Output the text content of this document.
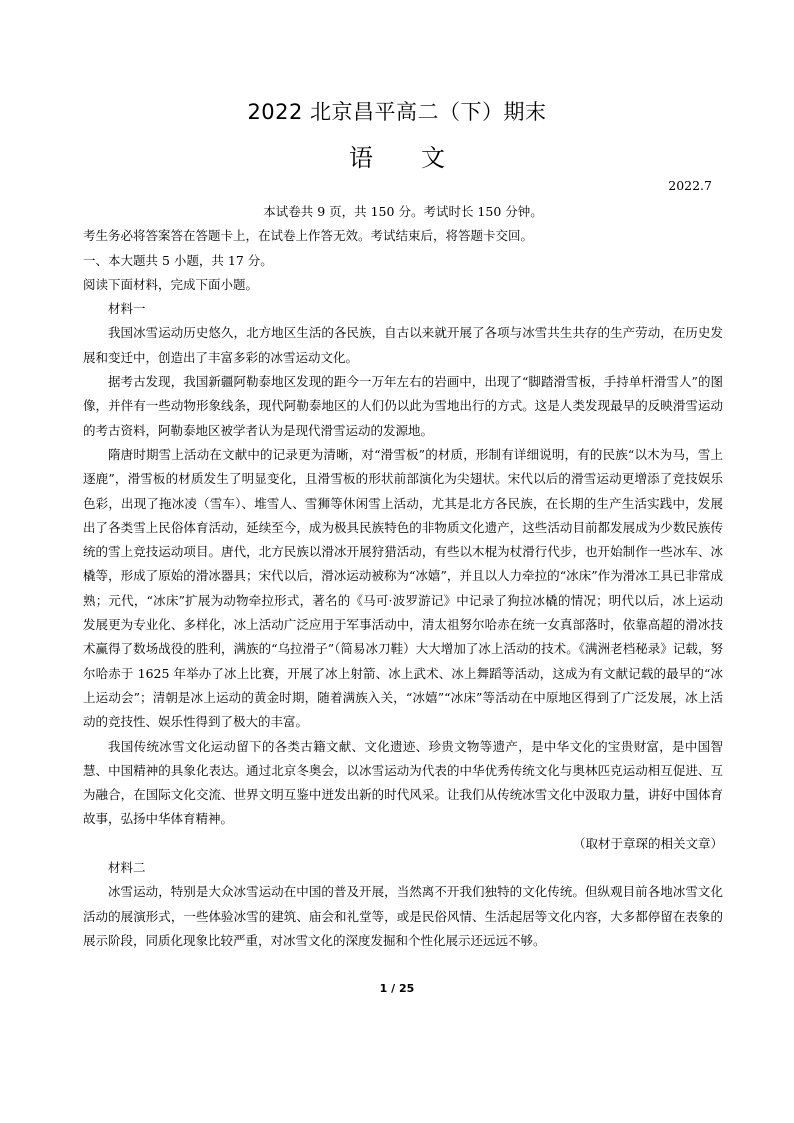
2022 北京昌平高二（下）期末
语　　文
2022.7

本试卷共 9 页，共 150 分。考试时长 150 分钟。

考生务必将答案答在答题卡上，在试卷上作答无效。考试结束后，将答题卡交回。

一、本大题共 5 小题，共 17 分。

阅读下面材料，完成下面小题。

材料一

我国冰雪运动历史悠久，北方地区生活的各民族，自古以来就开展了各项与冰雪共生共存的生产劳动，在历史发展和变迁中，创造出了丰富多彩的冰雪运动文化。

据考古发现，我国新疆阿勒泰地区发现的距今一万年左右的岩画中，出现了“脚踏滑雪板，手持单杆滑雪人”的图像，并伴有一些动物形象线条，现代阿勒泰地区的人们仍以此为雪地出行的方式。这是人类发现最早的反映滑雪运动的考古资料，阿勒泰地区被学者认为是现代滑雪运动的发源地。

隋唐时期雪上活动在文献中的记录更为清晰，对“滑雪板”的材质，形制有详细说明，有的民族“以木为马，雪上逐鹿”，滑雪板的材质发生了明显变化，且滑雪板的形状前部演化为尖翅状。宋代以后的滑雪运动更增添了竞技娱乐色彩，出现了拖冰凌（雪车）、堆雪人、雪狮等休闲雪上活动，尤其是北方各民族，在长期的生产生活实践中，发展出了各类雪上民俗体育活动，延续至今，成为极具民族特色的非物质文化遗产，这些活动目前都发展成为少数民族传统的雪上竞技运动项目。唐代，北方民族以滑冰开展狩猎活动，有些以木棍为杖滑行代步，也开始制作一些冰车、冰橇等，形成了原始的滑冰器具；宋代以后，滑冰运动被称为“冰嬉”，并且以人力牵拉的“冰床”作为滑冰工具已非常成熟；元代，“冰床”扩展为动物牵拉形式，著名的《马可·波罗游记》中记录了狗拉冰橇的情况；明代以后，冰上运动发展更为专业化、多样化，冰上活动广泛应用于军事活动中，清太祖努尔哈赤在统一女真部落时，依靠高超的滑冰技术赢得了数场战役的胜利，满族的“乌拉滑子”（简易冰刀鞋）大大增加了冰上活动的技术。《满洲老档秘录》记载，努尔哈赤于 1625 年举办了冰上比赛，开展了冰上射箭、冰上武术、冰上舞蹈等活动，这成为有文献记载的最早的“冰上运动会”；清朝是冰上运动的黄金时期，随着满族入关，“冰嬉”“冰床”等活动在中原地区得到了广泛发展，冰上活动的竞技性、娱乐性得到了极大的丰富。

我国传统冰雪文化运动留下的各类古籍文献、文化遗迹、珍贵文物等遗产，是中华文化的宝贵财富，是中国智慧、中国精神的具象化表达。通过北京冬奥会，以冰雪运动为代表的中华优秀传统文化与奥林匹克运动相互促进、互为融合，在国际文化交流、世界文明互鉴中迸发出新的时代风采。让我们从传统冰雪文化中汲取力量，讲好中国体育故事，弘扬中华体育精神。

（取材于章琛的相关文章）

材料二

冰雪运动，特别是大众冰雪运动在中国的普及开展，当然离不开我们独特的文化传统。但纵观目前各地冰雪文化活动的展演形式，一些体验冰雪的建筑、庙会和礼堂等，或是民俗风情、生活起居等文化内容，大多都停留在表象的展示阶段，同质化现象比较严重，对冰雪文化的深度发掘和个性化展示还远远不够。

1 / 25
